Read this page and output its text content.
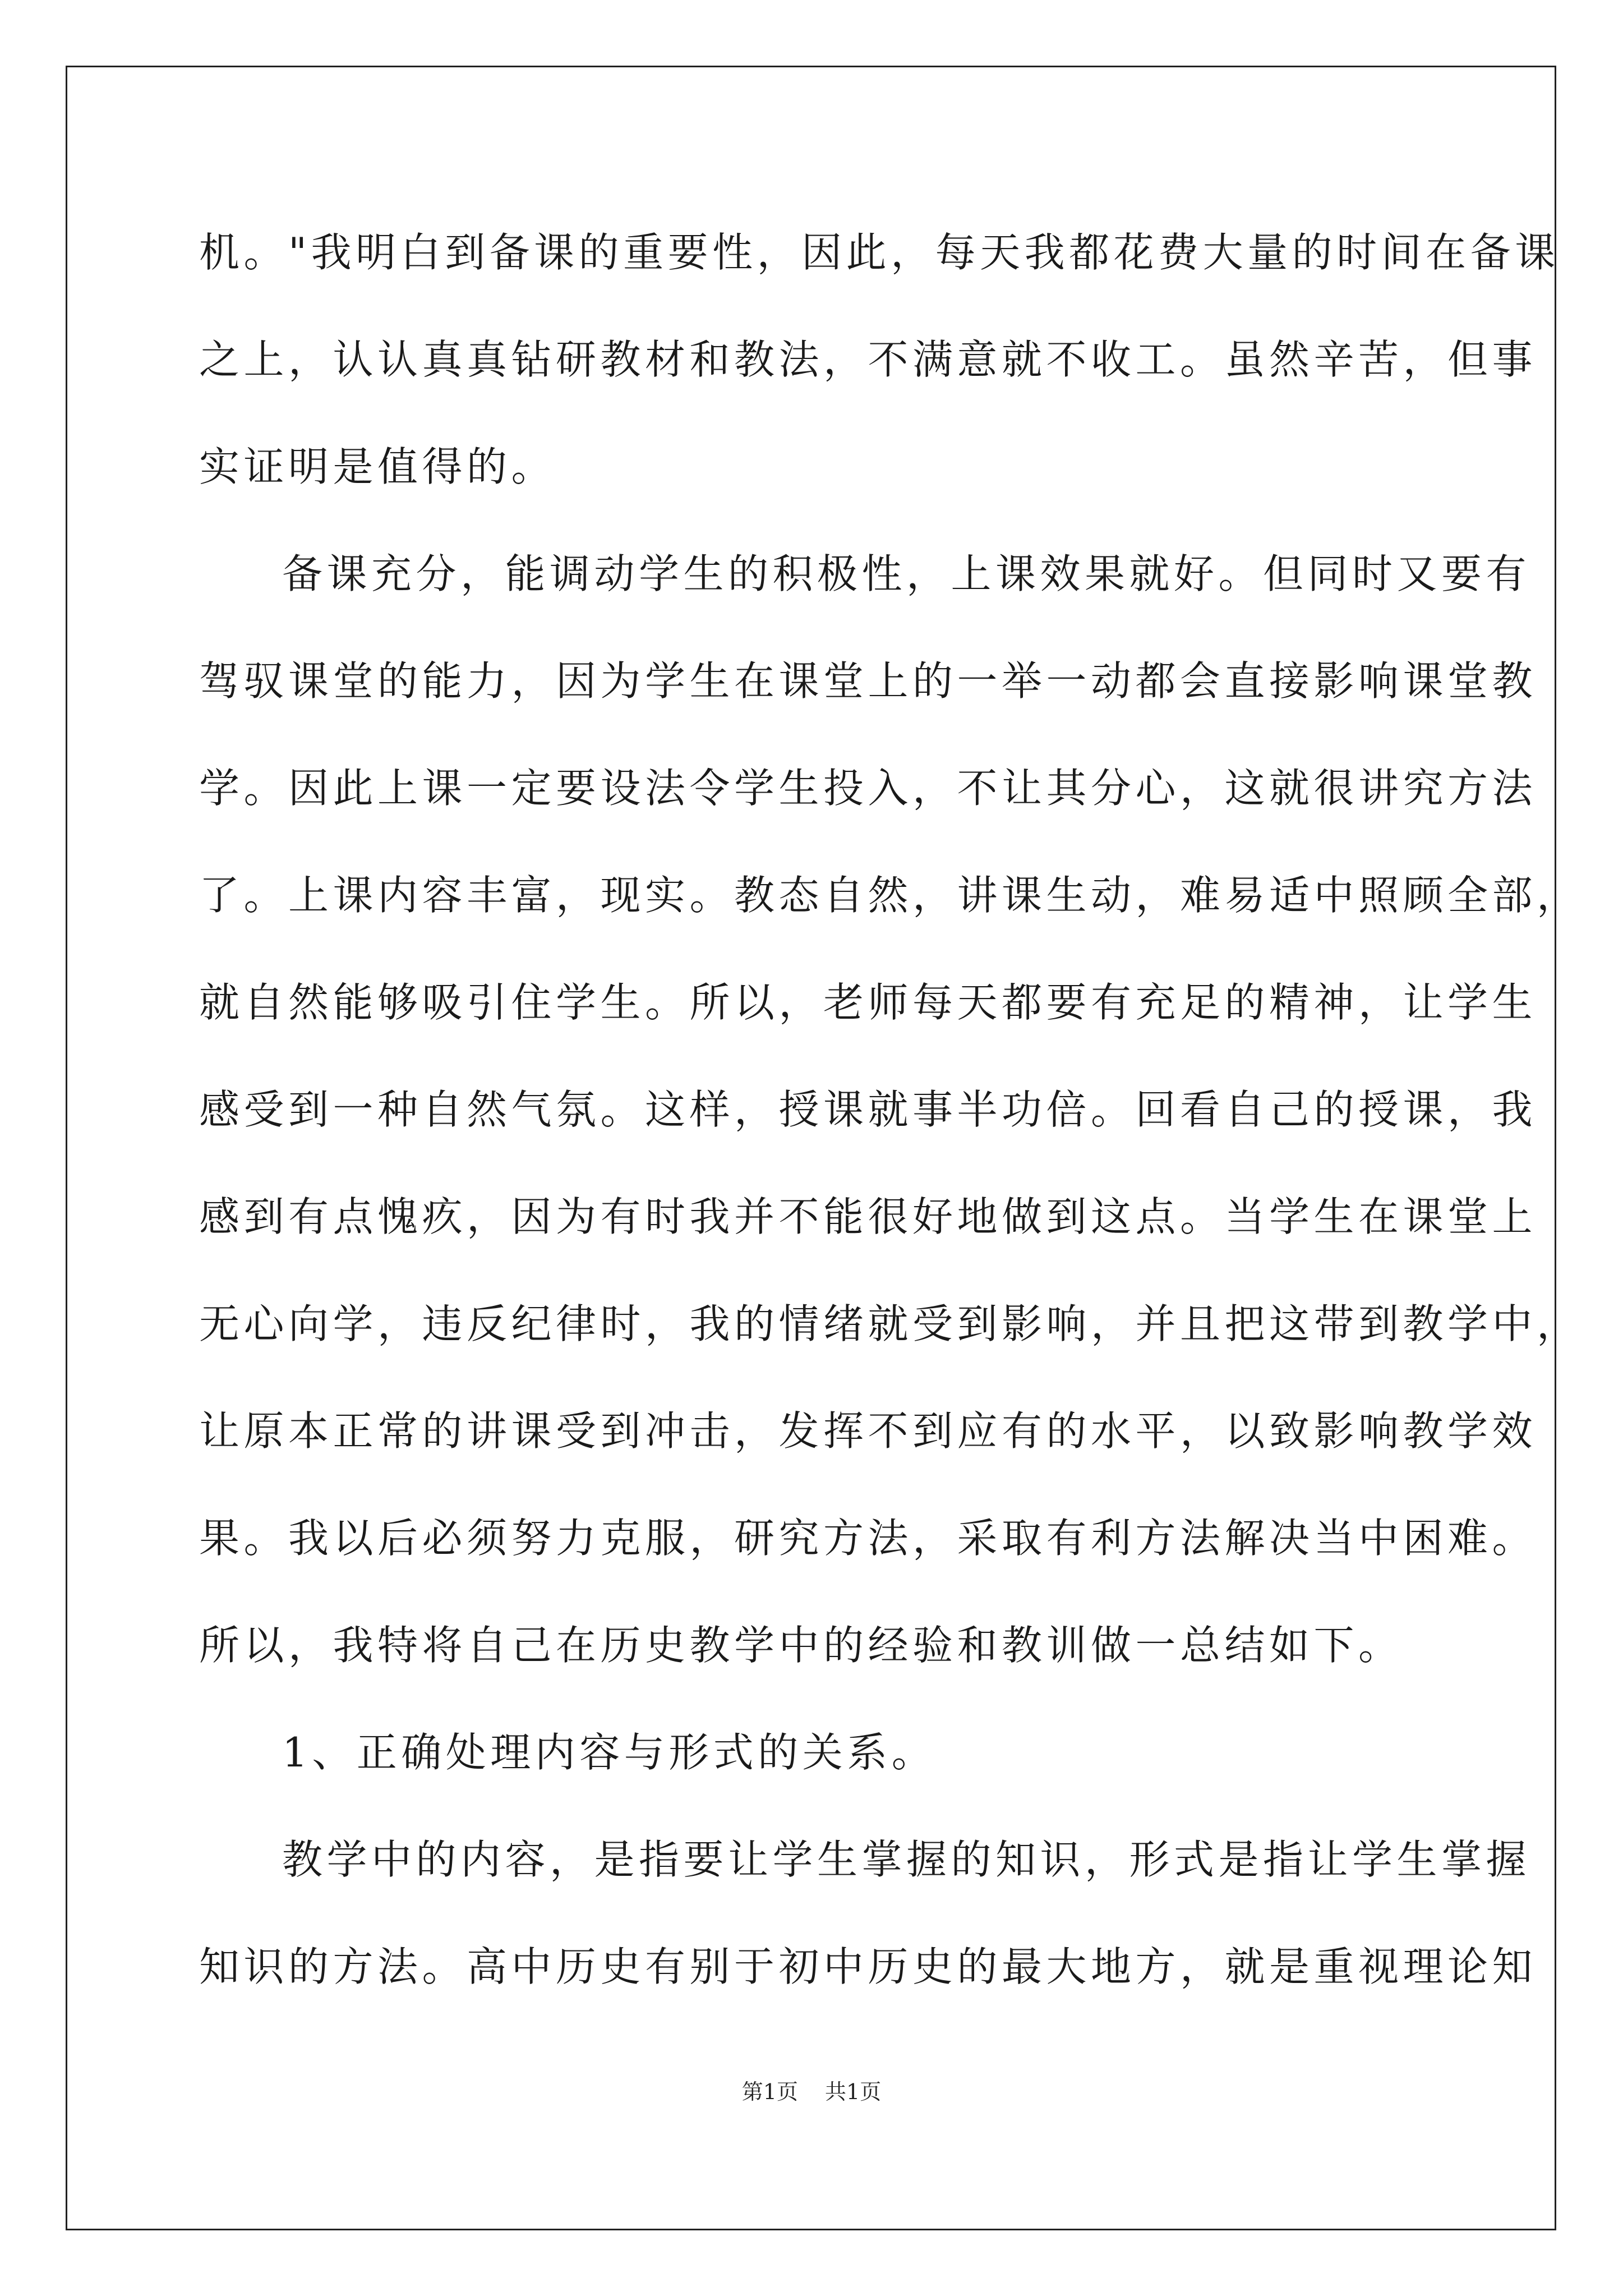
机。"我明白到备课的重要性，因此，每天我都花费大量的时间在备课
之上，认认真真钻研教材和教法，不满意就不收工。虽然辛苦，但事
实证明是值得的。
备课充分，能调动学生的积极性，上课效果就好。但同时又要有
驾驭课堂的能力，因为学生在课堂上的一举一动都会直接影响课堂教
学。因此上课一定要设法令学生投入，不让其分心，这就很讲究方法
了。上课内容丰富，现实。教态自然，讲课生动，难易适中照顾全部，
就自然能够吸引住学生。所以，老师每天都要有充足的精神，让学生
感受到一种自然气氛。这样，授课就事半功倍。回看自己的授课，我
感到有点愧疚，因为有时我并不能很好地做到这点。当学生在课堂上
无心向学，违反纪律时，我的情绪就受到影响，并且把这带到教学中，
让原本正常的讲课受到冲击，发挥不到应有的水平，以致影响教学效
果。我以后必须努力克服，研究方法，采取有利方法解决当中困难。
所以，我特将自己在历史教学中的经验和教训做一总结如下。
1、正确处理内容与形式的关系。
教学中的内容，是指要让学生掌握的知识，形式是指让学生掌握
知识的方法。高中历史有别于初中历史的最大地方，就是重视理论知
第1页 共1页
